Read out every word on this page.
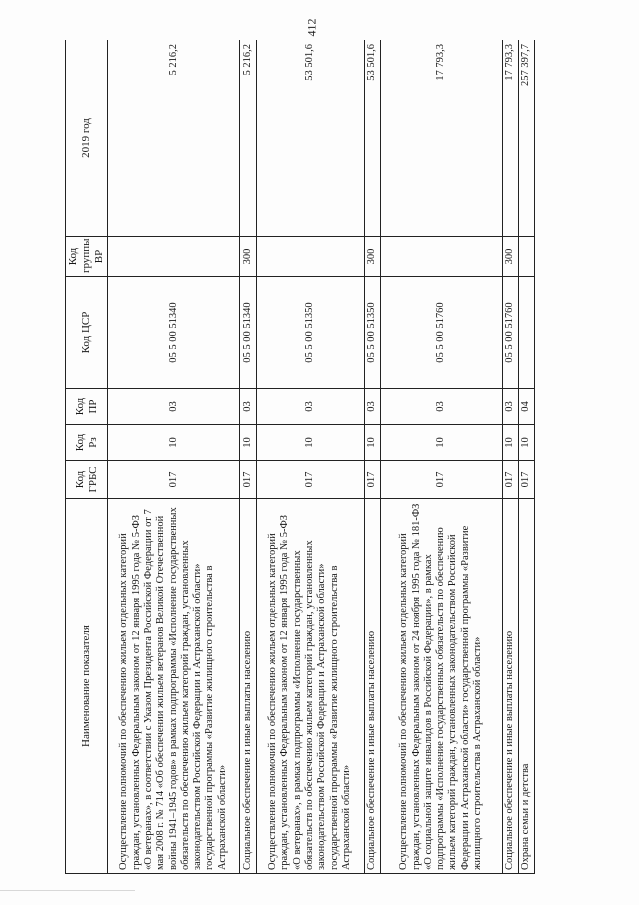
412
Наименование показателя	Код ГРБС	Код Рз	Код ПР	Код ЦСР	Код группы ВР	2019 год
Осуществление полномочий по обеспечению жильем отдельных категорий граждан, установленных Федеральным законом от 12 января 1995 года № 5-ФЗ «О ветеранах», в соответствии с Указом Президента Российской Федерации от 7 мая 2008 г. № 714 «Об обеспечении жильем ветеранов Великой Отечественной войны 1941–1945 годов» в рамках подпрограммы «Исполнение государственных обязательств по обеспечению жильем категорий граждан, установленных законодательством Российской Федерации и Астраханской области» государственной программы «Развитие жилищного строительства в Астраханской области»	017	10	03	05 5 00 51340		5 216,2
Социальное обеспечение и иные выплаты населению	017	10	03	05 5 00 51340	300	5 216,2
Осуществление полномочий по обеспечению жильем отдельных категорий граждан, установленных Федеральным законом от 12 января 1995 года № 5-ФЗ «О ветеранах», в рамках подпрограммы «Исполнение государственных обязательств по обеспечению жильем категорий граждан, установленных законодательством Российской Федерации и Астраханской области» государственной программы «Развитие жилищного строительства в Астраханской области»	017	10	03	05 5 00 51350		53 501,6
Социальное обеспечение и иные выплаты населению	017	10	03	05 5 00 51350	300	53 501,6
Осуществление полномочий по обеспечению жильем отдельных категорий граждан, установленных Федеральным законом от 24 ноября 1995 года № 181-ФЗ «О социальной защите инвалидов в Российской Федерации», в рамках подпрограммы «Исполнение государственных обязательств по обеспечению жильем категорий граждан, установленных законодательством Российской Федерации и Астраханской области» государственной программы «Развитие жилищного строительства в Астраханской области»	017	10	03	05 5 00 51760		17 793,3
Социальное обеспечение и иные выплаты населению	017	10	03	05 5 00 51760	300	17 793,3
Охрана семьи и детства	017	10	04			257 397,7
